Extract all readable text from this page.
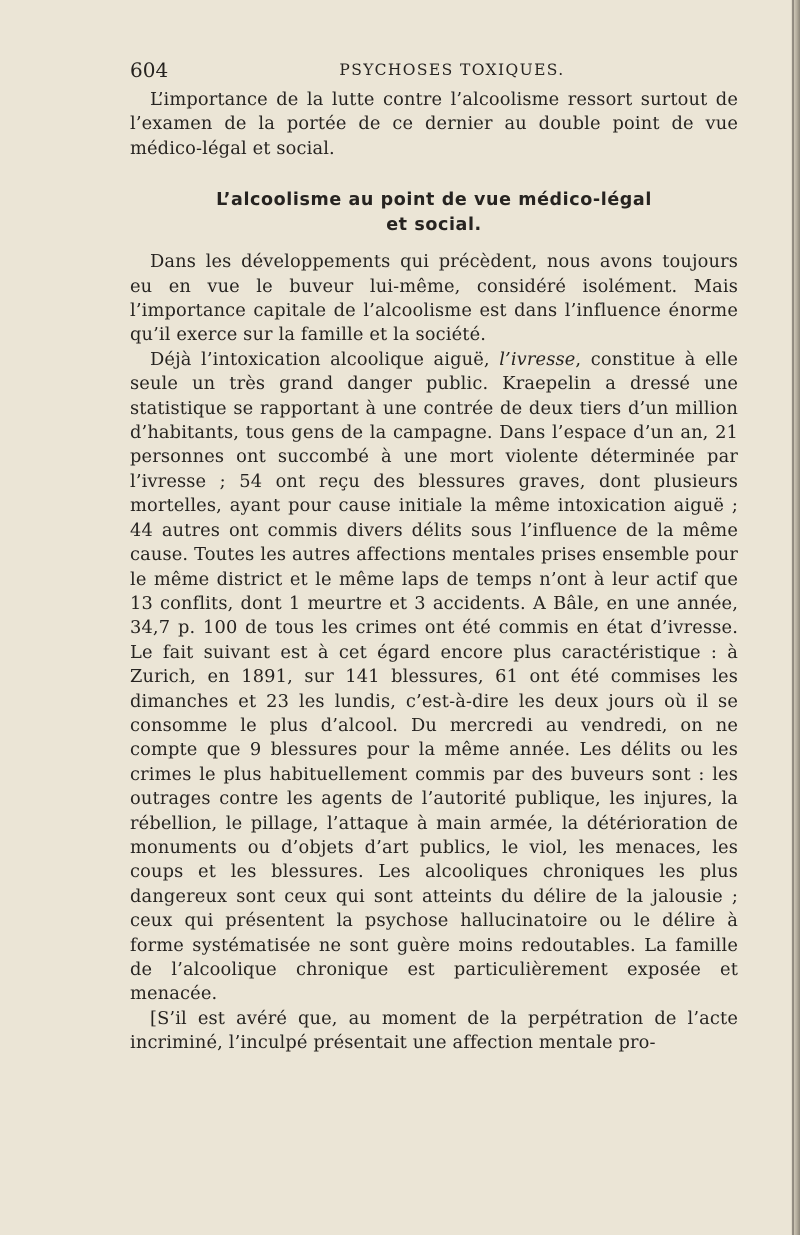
604	PSYCHOSES TOXIQUES.

L’importance de la lutte contre l’alcoolisme ressort surtout de l’examen de la portée de ce dernier au double point de vue médico-légal et social.

L’alcoolisme au point de vue médico-légal
et social.

Dans les développements qui précèdent, nous avons toujours eu en vue le buveur lui-même, considéré isolément. Mais l’importance capitale de l’alcoolisme est dans l’influence énorme qu’il exerce sur la famille et la société.

Déjà l’intoxication alcoolique aiguë, l’ivresse, constitue à elle seule un très grand danger public. Kraepelin a dressé une statistique se rapportant à une contrée de deux tiers d’un million d’habitants, tous gens de la campagne. Dans l’espace d’un an, 21 personnes ont succombé à une mort violente déterminée par l’ivresse ; 54 ont reçu des blessures graves, dont plusieurs mortelles, ayant pour cause initiale la même intoxication aiguë ; 44 autres ont commis divers délits sous l’influence de la même cause. Toutes les autres affections mentales prises ensemble pour le même district et le même laps de temps n’ont à leur actif que 13 conflits, dont 1 meurtre et 3 accidents. A Bâle, en une année, 34,7 p. 100 de tous les crimes ont été commis en état d’ivresse. Le fait suivant est à cet égard encore plus caractéristique : à Zurich, en 1891, sur 141 blessures, 61 ont été commises les dimanches et 23 les lundis, c’est-à-dire les deux jours où il se consomme le plus d’alcool. Du mercredi au vendredi, on ne compte que 9 blessures pour la même année. Les délits ou les crimes le plus habituellement commis par des buveurs sont : les outrages contre les agents de l’autorité publique, les injures, la rébellion, le pillage, l’attaque à main armée, la détérioration de monuments ou d’objets d’art publics, le viol, les menaces, les coups et les blessures. Les alcooliques chroniques les plus dangereux sont ceux qui sont atteints du délire de la jalousie ; ceux qui présentent la psychose hallucinatoire ou le délire à forme systématisée ne sont guère moins redoutables. La famille de l’alcoolique chronique est particulièrement exposée et menacée.

[S’il est avéré que, au moment de la perpétration de l’acte incriminé, l’inculpé présentait une affection mentale pro-
